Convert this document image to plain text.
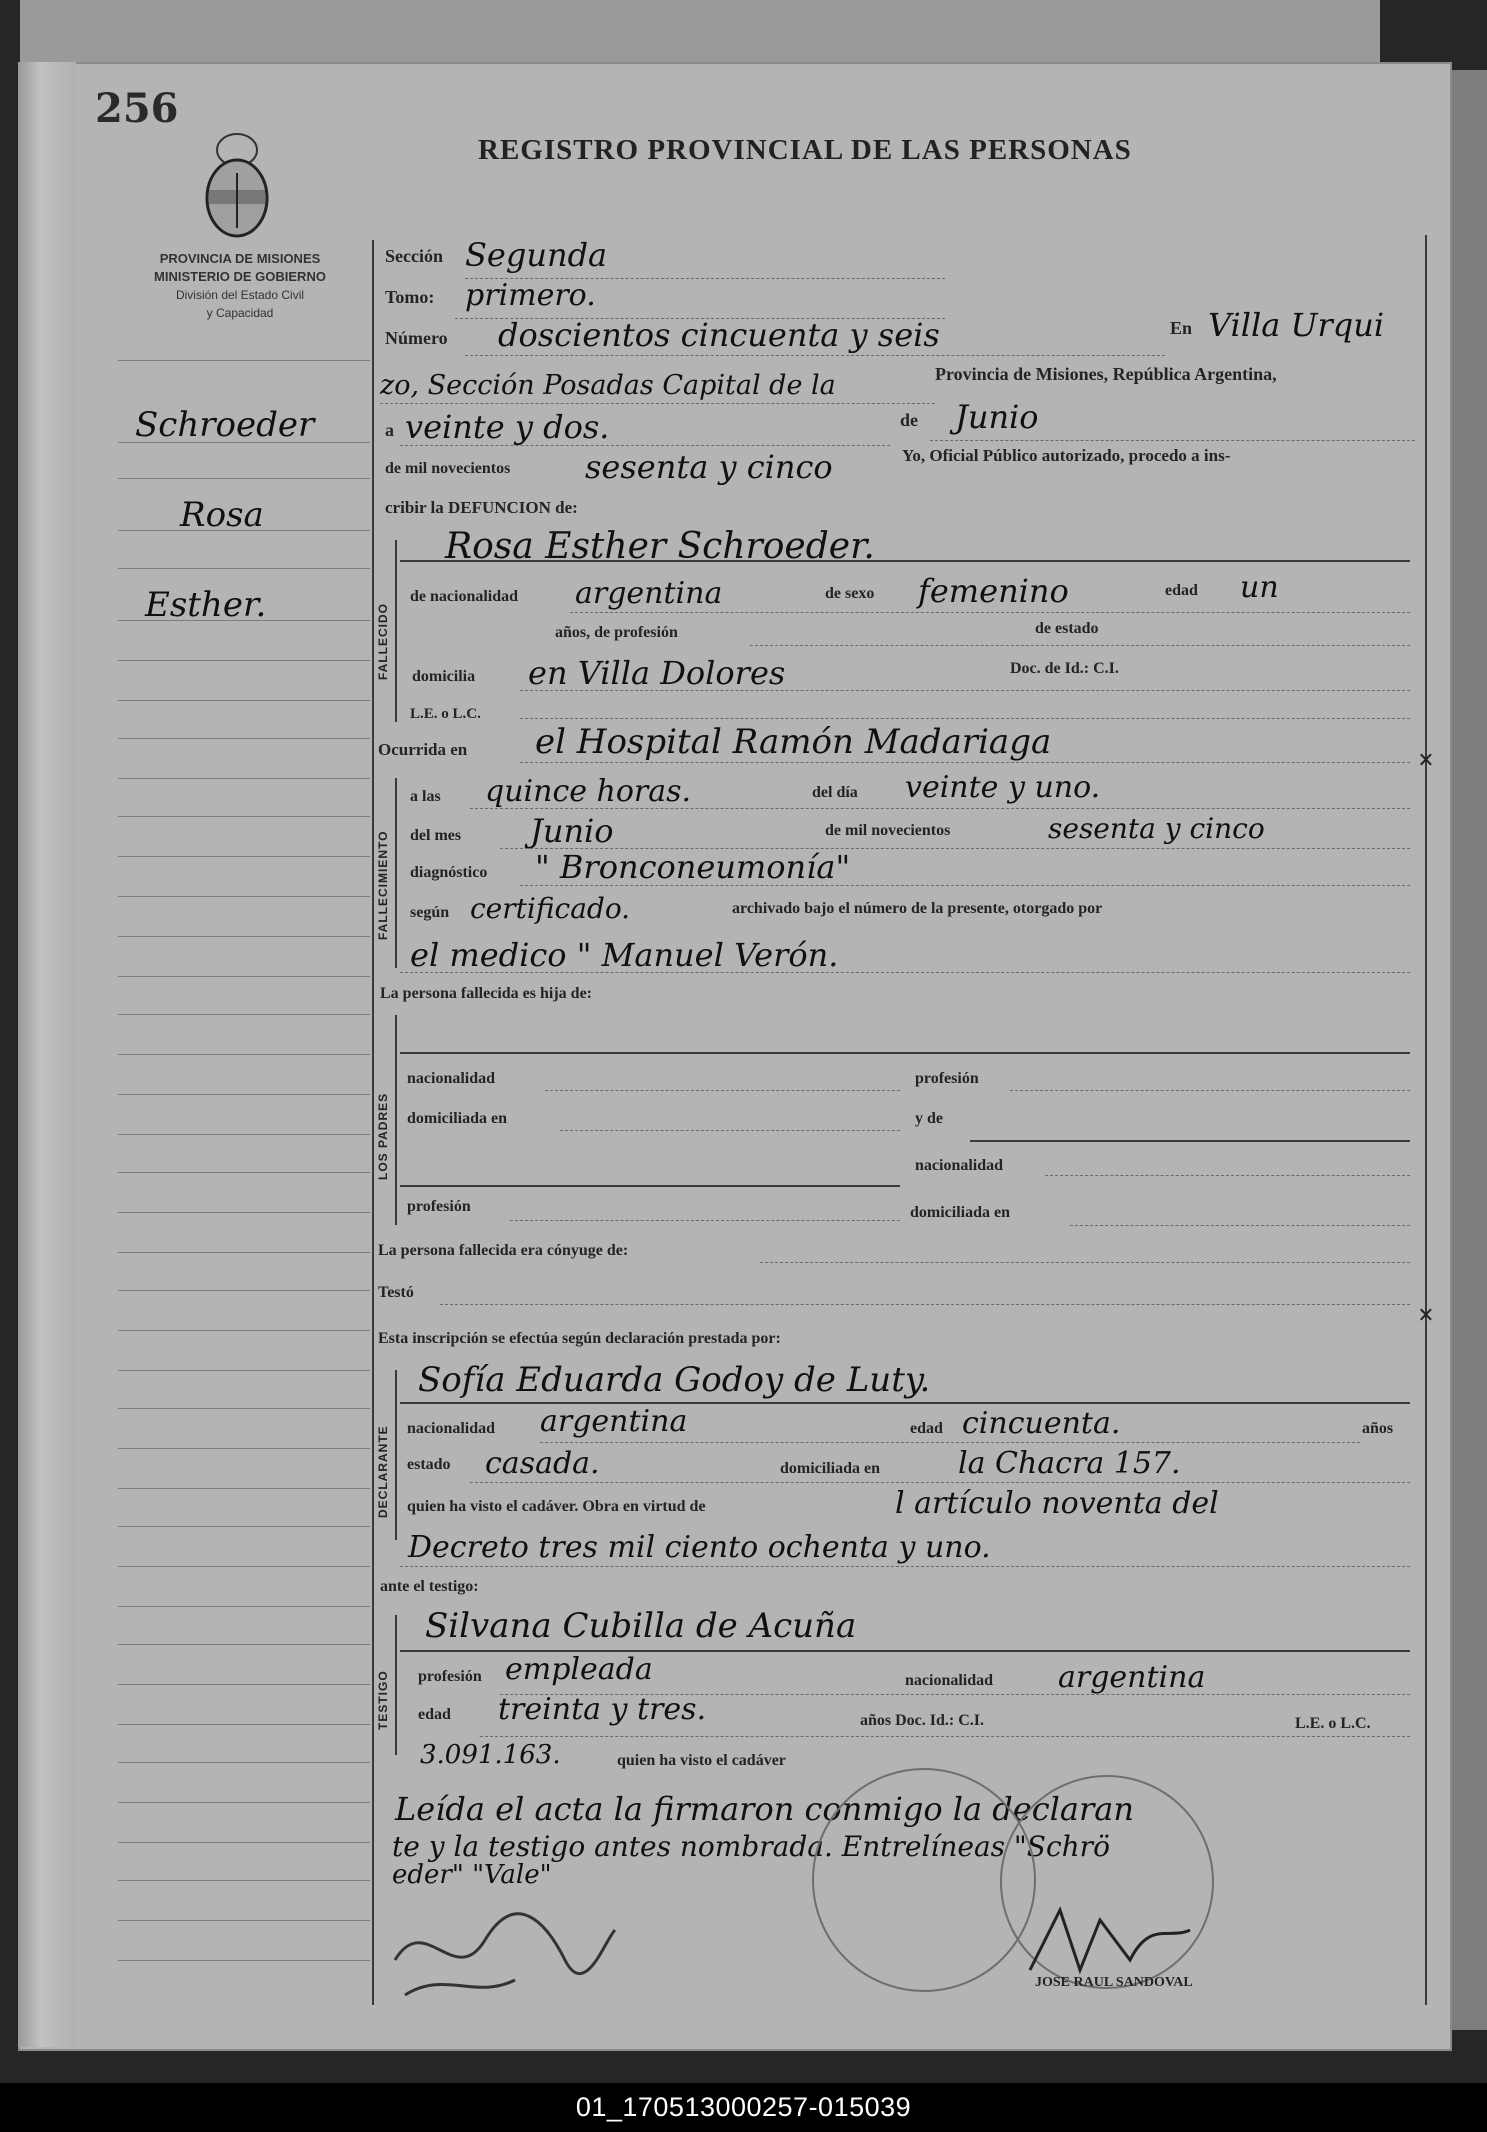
256
REGISTRO PROVINCIAL DE LAS PERSONAS
PROVINCIA DE MISIONES
MINISTERIO DE GOBIERNO
División del Estado Civil
y Capacidad
Schroeder
Rosa
Esther.
Sección Segunda
Tomo: primero.
Número doscientos cincuenta y seis	En Villa Urqui
zo, Sección Posadas Capital de la	Provincia de Misiones, República Argentina,
a veinte y dos.	de Junio
de mil novecientos sesenta y cinco	Yo, Oficial Público autorizado, procedo a ins-
cribir la DEFUNCION de:
FALLECIDO
Rosa Esther Schroeder.
de nacionalidad argentina	de sexo femenino	edad un
años, de profesión	de estado
domicilia en Villa Dolores	Doc. de Id.: C.I.
L.E. o L.C.
Ocurrida en el Hospital Ramón Madariaga
FALLECIMIENTO
a las quince horas.	del día veinte y uno.
del mes Junio	de mil novecientos	sesenta y cinco
diagnóstico " Bronconeumonía"
según certificado.	archivado bajo el número de la presente, otorgado por
el medico " Manuel Verón.
La persona fallecida es hija de:
LOS PADRES
nacionalidad	profesión
domiciliada en	y de
nacionalidad
profesión	domiciliada en
La persona fallecida era cónyuge de:
Testó
Esta inscripción se efectúa según declaración prestada por:
DECLARANTE
Sofía Eduarda Godoy de Luty.
nacionalidad argentina	edad cincuenta.	años
estado casada.	domiciliada en	la Chacra 157.
quien ha visto el cadáver. Obra en virtud de	l artículo noventa del
Decreto tres mil ciento ochenta y uno.
ante el testigo:
TESTIGO
Silvana Cubilla de Acuña
profesión empleada	nacionalidad argentina
edad treinta y tres.	años Doc. Id.: C.I.	L.E. o L.C.
3.091.163.	quien ha visto el cadáver
Leída el acta la firmaron conmigo la declaran
te y la testigo antes nombrada. Entrelíneas "Schrö
eder" "Vale"
JOSE RAUL SANDOVAL
×
×
01_170513000257-015039
